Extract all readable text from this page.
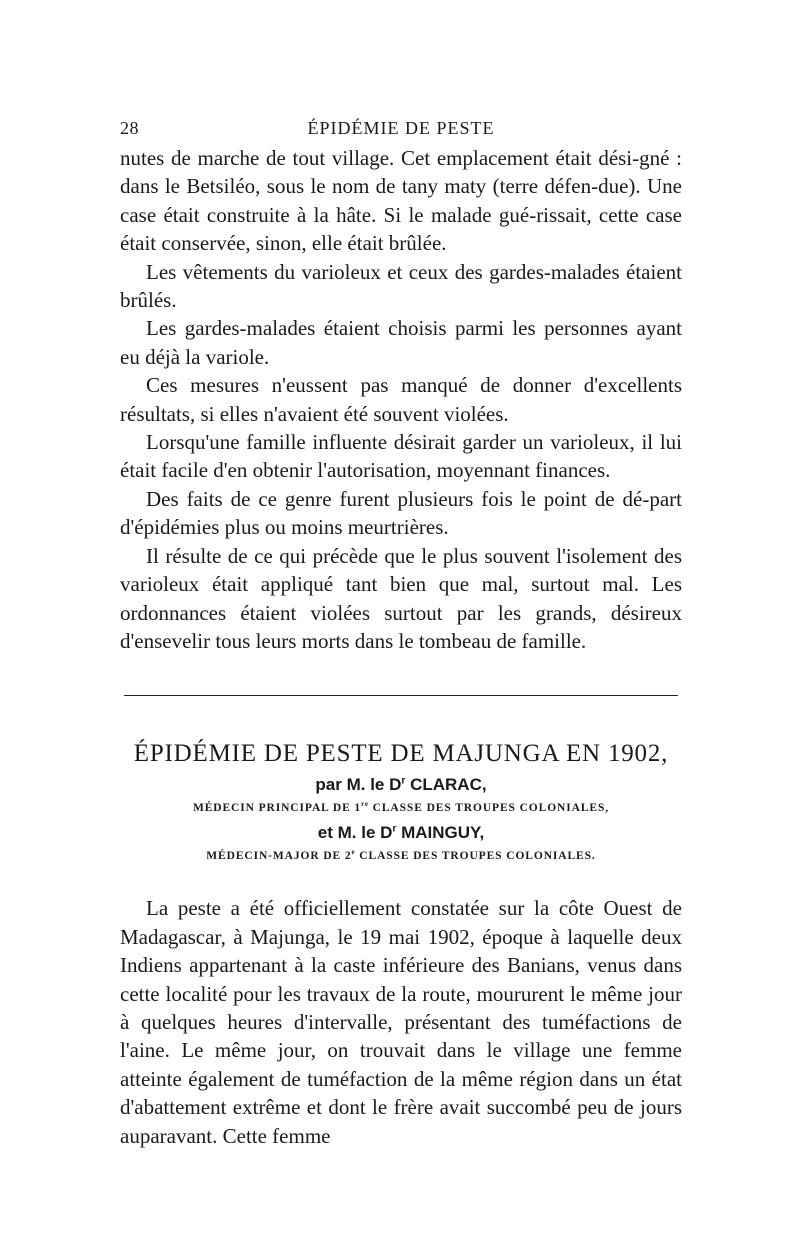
28	ÉPIDÉMIE DE PESTE

nutes de marche de tout village. Cet emplacement était dési-gné : dans le Betsiléo, sous le nom de tany maty (terre défen-due). Une case était construite à la hâte. Si le malade gué-rissait, cette case était conservée, sinon, elle était brûlée.

Les vêtements du varioleux et ceux des gardes-malades étaient brûlés.

Les gardes-malades étaient choisis parmi les personnes ayant eu déjà la variole.

Ces mesures n'eussent pas manqué de donner d'excellents résultats, si elles n'avaient été souvent violées.

Lorsqu'une famille influente désirait garder un varioleux, il lui était facile d'en obtenir l'autorisation, moyennant finances.

Des faits de ce genre furent plusieurs fois le point de dé-part d'épidémies plus ou moins meurtrières.

Il résulte de ce qui précède que le plus souvent l'isolement des varioleux était appliqué tant bien que mal, surtout mal. Les ordonnances étaient violées surtout par les grands, désireux d'ensevelir tous leurs morts dans le tombeau de famille.

ÉPIDÉMIE DE PESTE DE MAJUNGA EN 1902,
par M. le $D^r$ CLARAC,
MÉDECIN PRINCIPAL DE 1re CLASSE DES TROUPES COLONIALES,
et M. le $D^r$ MAINGUY,
MÉDECIN-MAJOR DE 2e CLASSE DES TROUPES COLONIALES.

La peste a été officiellement constatée sur la côte Ouest de Madagascar, à Majunga, le 19 mai 1902, époque à laquelle deux Indiens appartenant à la caste inférieure des Banians, venus dans cette localité pour les travaux de la route, moururent le même jour à quelques heures d'intervalle, présentant des tuméfactions de l'aine. Le même jour, on trouvait dans le village une femme atteinte également de tuméfaction de la même région dans un état d'abattement extrême et dont le frère avait succombé peu de jours auparavant. Cette femme
